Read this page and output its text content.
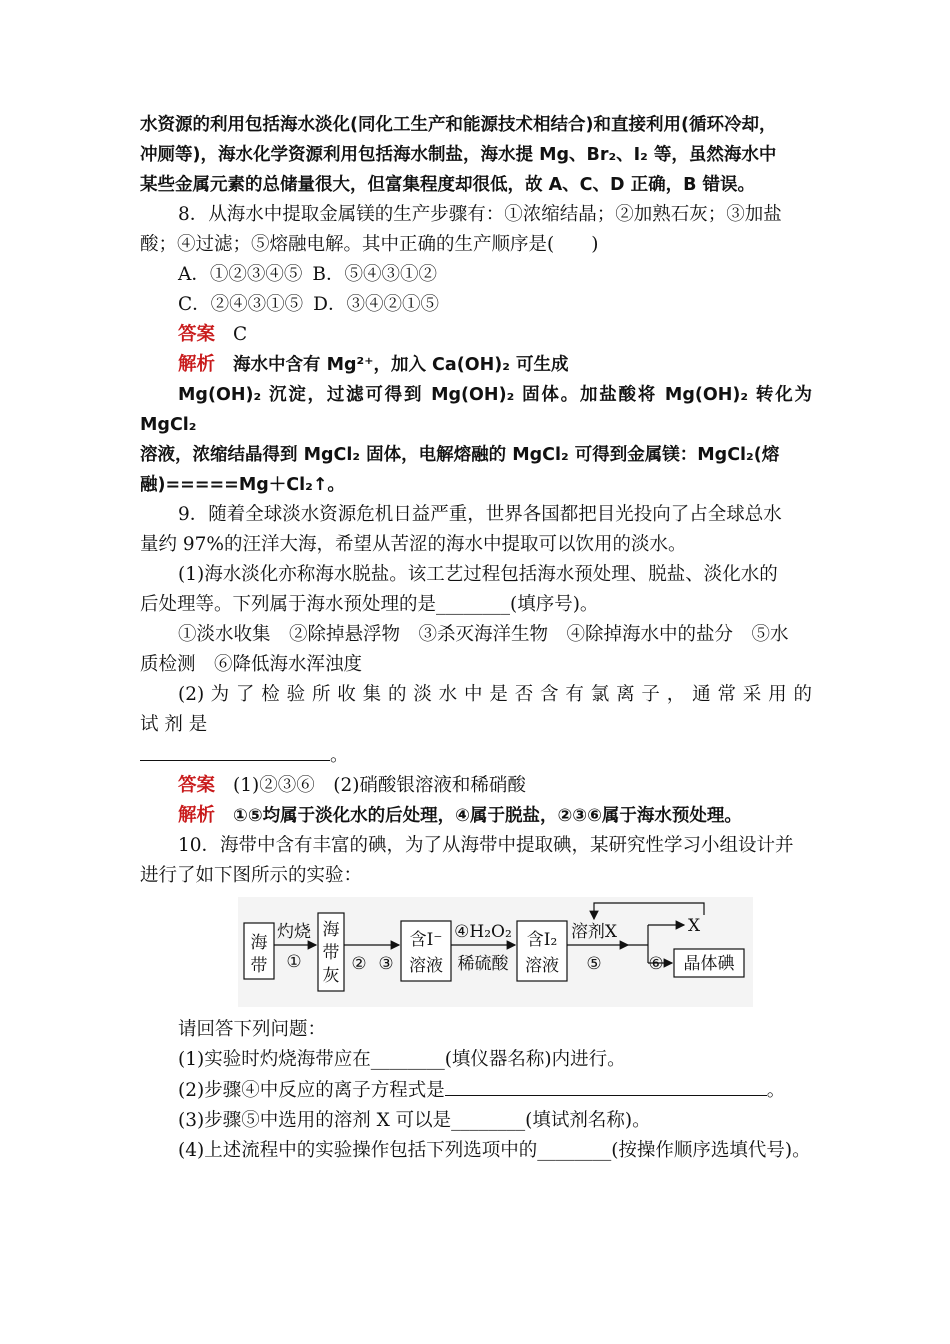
水资源的利用包括海水淡化(同化工生产和能源技术相结合)和直接利用(循环冷却，

冲厕等)，海水化学资源利用包括海水制盐，海水提 Mg、Br₂、I₂ 等，虽然海水中

某些金属元素的总储量很大，但富集程度却很低，故 A、C、D 正确，B 错误。

8．从海水中提取金属镁的生产步骤有：①浓缩结晶；②加熟石灰；③加盐

酸；④过滤；⑤熔融电解。其中正确的生产顺序是(　　)

A．①②③④⑤ B．⑤④③①②

C．②④③①⑤ D．③④②①⑤

答案 C

解析 海水中含有 Mg²⁺，加入 Ca(OH)₂ 可生成

Mg(OH)₂ 沉淀，过滤可得到 Mg(OH)₂ 固体。加盐酸将 Mg(OH)₂ 转化为 MgCl₂

溶液，浓缩结晶得到 MgCl₂ 固体，电解熔融的 MgCl₂ 可得到金属镁：MgCl₂(熔

融)=====Mg＋Cl₂↑。

9．随着全球淡水资源危机日益严重，世界各国都把目光投向了占全球总水

量约 97%的汪洋大海，希望从苦涩的海水中提取可以饮用的淡水。

(1)海水淡化亦称海水脱盐。该工艺过程包括海水预处理、脱盐、淡化水的

后处理等。下列属于海水预处理的是________(填序号)。

①淡水收集　②除掉悬浮物　③杀灭海洋生物　④除掉海水中的盐分　⑤水

质检测　⑥降低海水浑浊度

(2) 为 了 检 验 所 收 集 的 淡 水 中 是 否 含 有 氯 离 子 ， 通 常 采 用 的 试 剂 是

。

答案 (1)②③⑥　(2)硝酸银溶液和稀硝酸

解析 ①⑤均属于淡化水的后处理，④属于脱盐，②③⑥属于海水预处理。

10．海带中含有丰富的碘，为了从海带中提取碘，某研究性学习小组设计并

进行了如下图所示的实验：

海
带
灼烧
①
海
带
灰
② ③
含I⁻
溶液
④H₂O₂
稀硫酸
含I₂
溶液
溶剂X
⑤	⑥
X
晶体碘

请回答下列问题：

(1)实验时灼烧海带应在________(填仪器名称)内进行。

(2)步骤④中反应的离子方程式是	。

(3)步骤⑤中选用的溶剂 X 可以是________(填试剂名称)。

(4)上述流程中的实验操作包括下列选项中的________(按操作顺序选填代号)。
